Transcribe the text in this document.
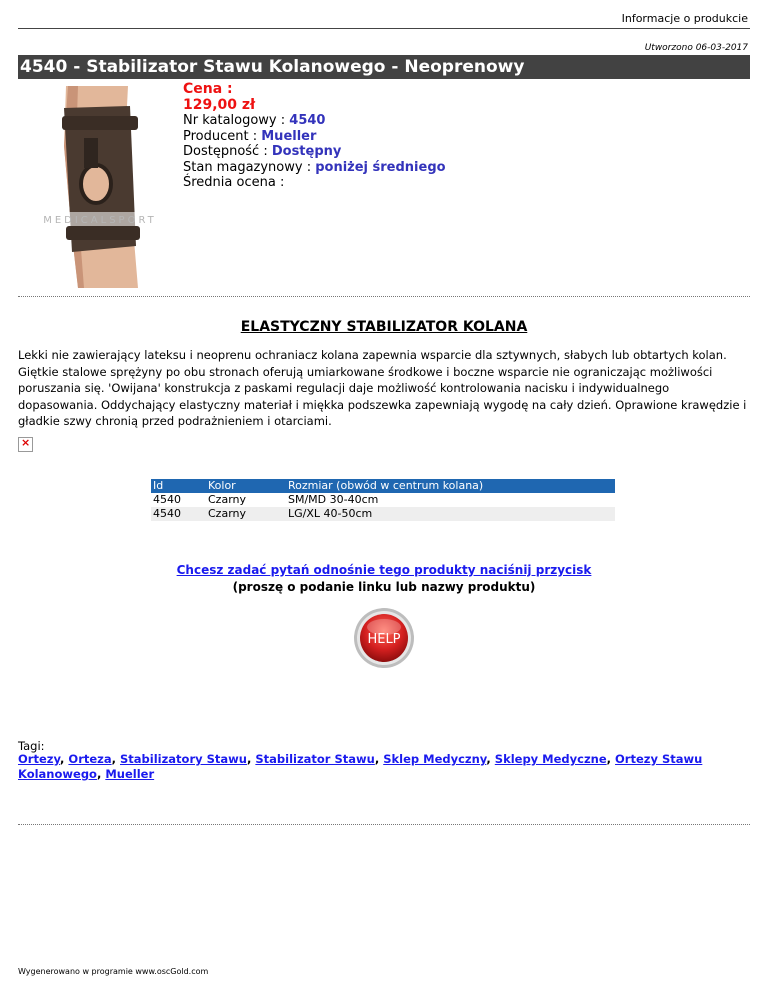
Informacje o produkcie
Utworzono 06-03-2017
4540 - Stabilizator Stawu Kolanowego - Neoprenowy
MEDICALSPORT
Cena :
129,00 zł
Nr katalogowy : 4540
Producent : Mueller
Dostępność : Dostępny
Stan magazynowy : poniżej średniego
Średnia ocena :
ELASTYCZNY STABILIZATOR KOLANA
Lekki nie zawierający lateksu i neoprenu ochraniacz kolana zapewnia wsparcie dla sztywnych, słabych lub obtartych kolan. Giętkie stalowe sprężyny po obu stronach oferują umiarkowane środkowe i boczne wsparcie nie ograniczając możliwości poruszania się. 'Owijana' konstrukcja z paskami regulacji daje możliwość kontrolowania nacisku i indywidualnego dopasowania. Oddychający elastyczny materiał i miękka podszewka zapewniają wygodę na cały dzień. Oprawione krawędzie i gładkie szwy chronią przed podrażnieniem i otarciami.
×
Id	Kolor	Rozmiar (obwód w centrum kolana)
4540	Czarny	SM/MD 30-40cm
4540	Czarny	LG/XL 40-50cm
Chcesz zadać pytań odnośnie tego produkty naciśnij przycisk
(proszę o podanie linku lub nazwy produktu)
HELP
Tagi:
Ortezy, Orteza, Stabilizatory Stawu, Stabilizator Stawu, Sklep Medyczny, Sklepy Medyczne, Ortezy Stawu Kolanowego, Mueller
Wygenerowano w programie www.oscGold.com
